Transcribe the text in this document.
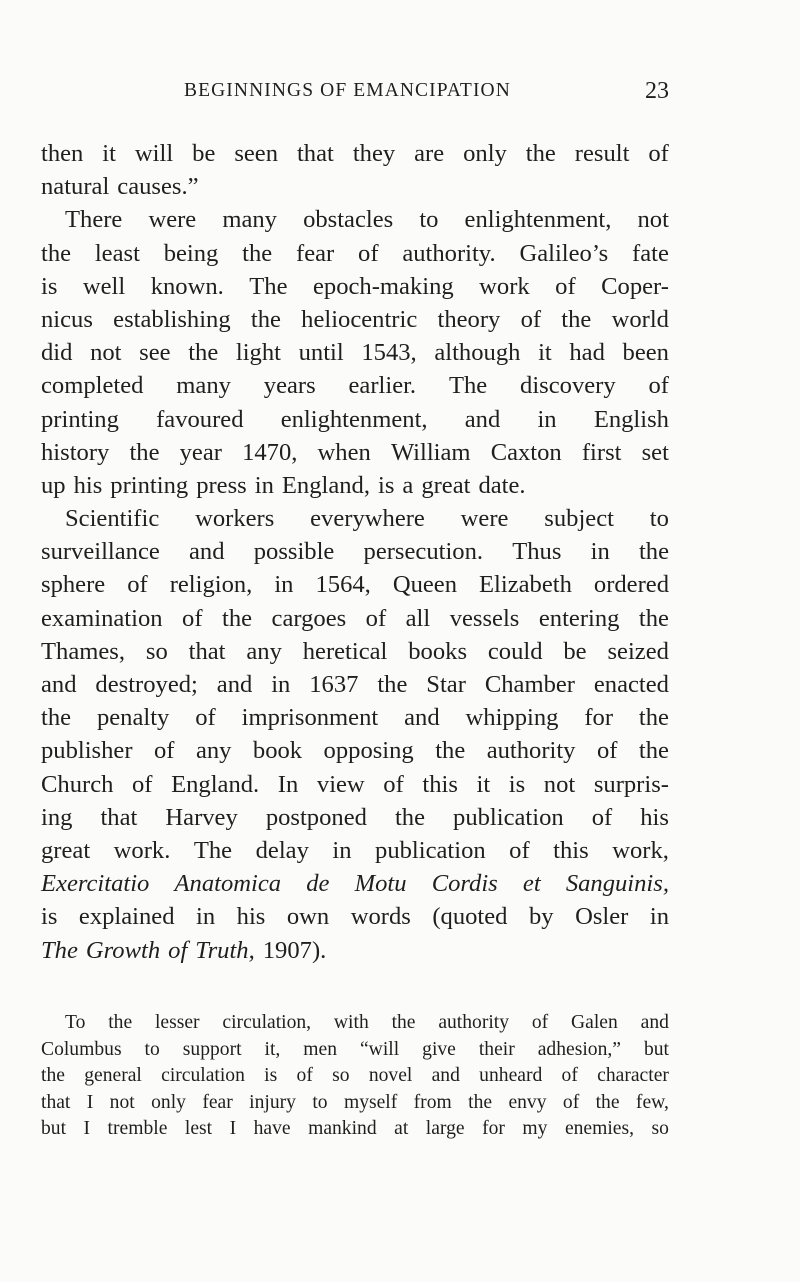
BEGINNINGS OF EMANCIPATION	23
then it will be seen that they are only the result of
natural causes.”
There were many obstacles to enlightenment, not
the least being the fear of authority. Galileo’s fate
is well known. The epoch-making work of Coper-
nicus establishing the heliocentric theory of the world
did not see the light until 1543, although it had been
completed many years earlier. The discovery of
printing favoured enlightenment, and in English
history the year 1470, when William Caxton first set
up his printing press in England, is a great date.
Scientific workers everywhere were subject to
surveillance and possible persecution. Thus in the
sphere of religion, in 1564, Queen Elizabeth ordered
examination of the cargoes of all vessels entering the
Thames, so that any heretical books could be seized
and destroyed; and in 1637 the Star Chamber enacted
the penalty of imprisonment and whipping for the
publisher of any book opposing the authority of the
Church of England. In view of this it is not surpris-
ing that Harvey postponed the publication of his
great work. The delay in publication of this work,
Exercitatio Anatomica de Motu Cordis et Sanguinis,
is explained in his own words (quoted by Osler in
The Growth of Truth, 1907).
To the lesser circulation, with the authority of Galen and
Columbus to support it, men “will give their adhesion,” but
the general circulation is of so novel and unheard of character
that I not only fear injury to myself from the envy of the few,
but I tremble lest I have mankind at large for my enemies, so
